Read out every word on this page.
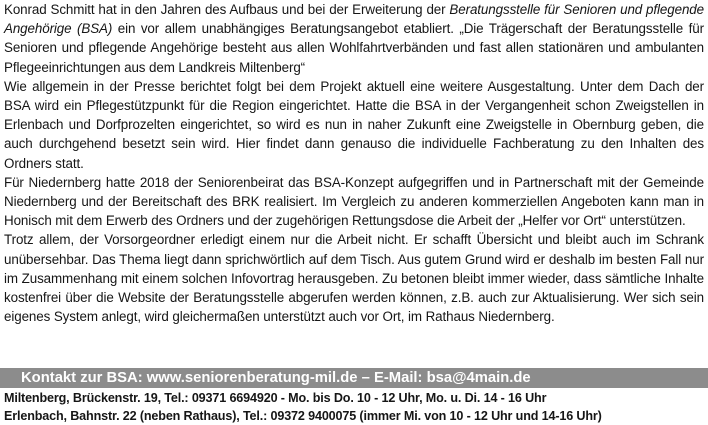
Konrad Schmitt hat in den Jahren des Aufbaus und bei der Erweiterung der Beratungsstelle für Senioren und pflegende Angehörige (BSA) ein vor allem unabhängiges Beratungsangebot etabliert. „Die Trägerschaft der Beratungsstelle für Senioren und pflegende Angehörige besteht aus allen Wohlfahrtverbänden und fast allen stationären und ambulanten Pflegeeinrichtungen aus dem Landkreis Miltenberg“

Wie allgemein in der Presse berichtet folgt bei dem Projekt aktuell eine weitere Ausgestaltung. Unter dem Dach der BSA wird ein Pflegestützpunkt für die Region eingerichtet. Hatte die BSA in der Vergangenheit schon Zweigstellen in Erlenbach und Dorfprozelten eingerichtet, so wird es nun in naher Zukunft eine Zweigstelle in Obernburg geben, die auch durchgehend besetzt sein wird. Hier findet dann genauso die individuelle Fachberatung zu den Inhalten des Ordners statt.

Für Niedernberg hatte 2018 der Seniorenbeirat das BSA-Konzept aufgegriffen und in Partnerschaft mit der Gemeinde Niedernberg und der Bereitschaft des BRK realisiert. Im Vergleich zu anderen kommerziellen Angeboten kann man in Honisch mit dem Erwerb des Ordners und der zugehörigen Rettungsdose die Arbeit der „Helfer vor Ort“ unterstützen.

Trotz allem, der Vorsorgeordner erledigt einem nur die Arbeit nicht. Er schafft Übersicht und bleibt auch im Schrank unübersehbar. Das Thema liegt dann sprichwörtlich auf dem Tisch. Aus gutem Grund wird er deshalb im besten Fall nur im Zusammenhang mit einem solchen Infovortrag herausgeben. Zu betonen bleibt immer wieder, dass sämtliche Inhalte kostenfrei über die Website der Beratungsstelle abgerufen werden können, z.B. auch zur Aktualisierung. Wer sich sein eigenes System anlegt, wird gleichermaßen unterstützt auch vor Ort, im Rathaus Niedernberg.

Kontakt zur BSA: www.seniorenberatung-mil.de – E-Mail: bsa@4main.de
Miltenberg, Brückenstr. 19, Tel.: 09371 6694920 - Mo. bis Do. 10 - 12 Uhr, Mo. u. Di. 14 - 16 Uhr
Erlenbach, Bahnstr. 22 (neben Rathaus), Tel.: 09372 9400075 (immer Mi. von 10 - 12 Uhr und 14-16 Uhr)
